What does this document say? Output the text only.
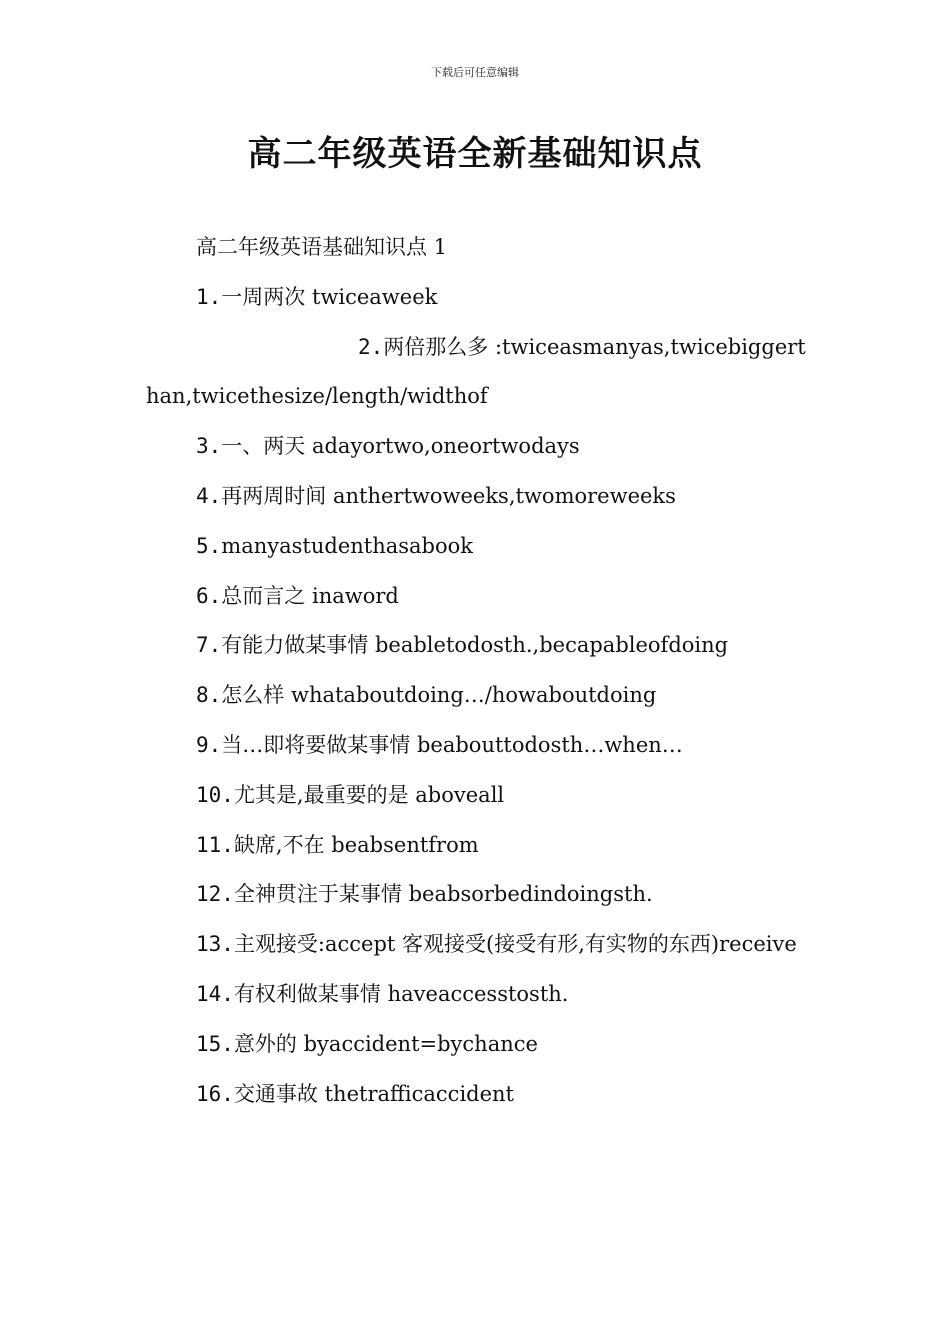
下载后可任意编辑
高二年级英语全新基础知识点

高二年级英语基础知识点 1

1.一周两次 twiceaweek

2.两倍那么多 :twiceasmanyas,twicebiggerthan,twicethesize/length/widthof

3.一、两天 adayortwo,oneortwodays

4.再两周时间 anthertwoweeks,twomoreweeks

5.manyastudenthasabook

6.总而言之 inaword

7.有能力做某事情 beabletodosth.,becapableofdoing

8.怎么样 whataboutdoing…/howaboutdoing

9.当…即将要做某事情 beabouttodosth…when…

10.尤其是,最重要的是 aboveall

11.缺席,不在 beabsentfrom

12.全神贯注于某事情 beabsorbedindoingsth.

13.主观接受:accept 客观接受(接受有形,有实物的东西)receive

14.有权利做某事情 haveaccesstosth.

15.意外的 byaccident=bychance

16.交通事故 thetrafficaccident
